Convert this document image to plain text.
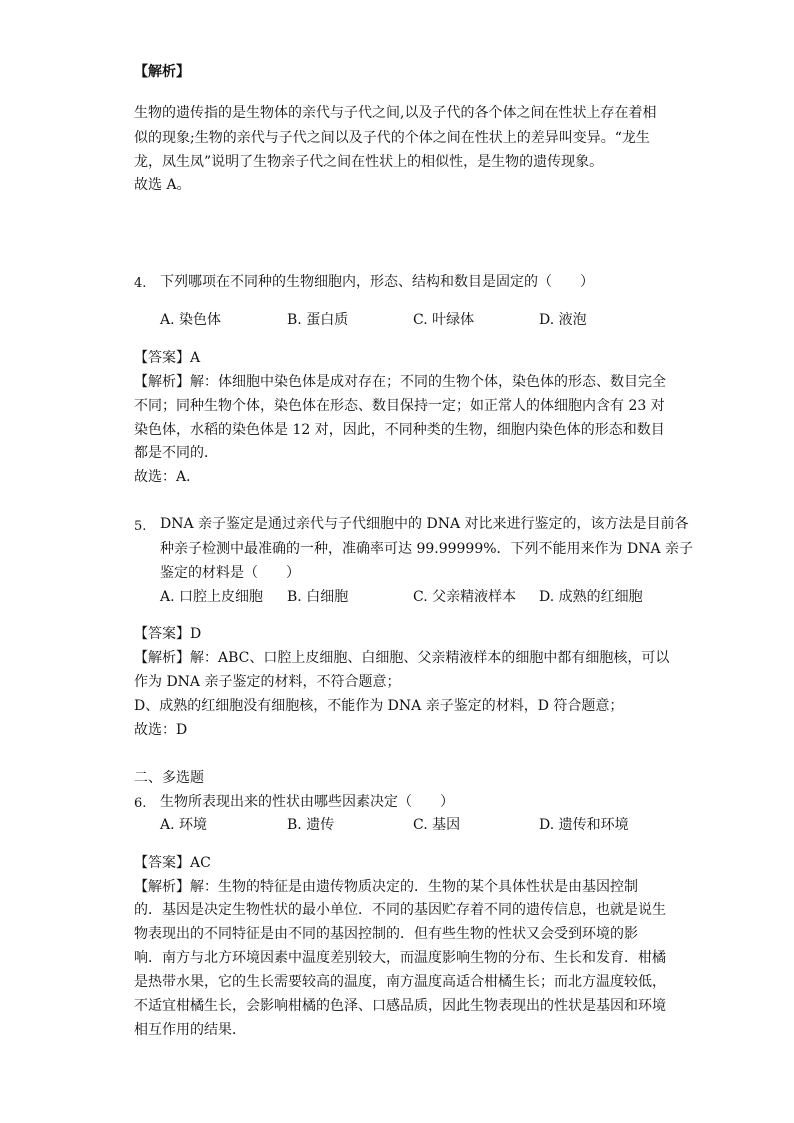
【解析】
生物的遗传指的是生物体的亲代与子代之间,以及子代的各个体之间在性状上存在着相
似的现象;生物的亲代与子代之间以及子代的个体之间在性状上的差异叫变异。“龙生
龙，凤生凤”说明了生物亲子代之间在性状上的相似性，是生物的遗传现象。
故选 A。
4. 下列哪项在不同种的生物细胞内，形态、结构和数目是固定的（　　）
A. 染色体	B. 蛋白质	C. 叶绿体	D. 液泡
【答案】A
【解析】解：体细胞中染色体是成对存在；不同的生物个体，染色体的形态、数目完全
不同；同种生物个体，染色体在形态、数目保持一定；如正常人的体细胞内含有 23 对
染色体，水稻的染色体是 12 对，因此，不同种类的生物，细胞内染色体的形态和数目
都是不同的．
故选：A．
5. DNA 亲子鉴定是通过亲代与子代细胞中的 DNA 对比来进行鉴定的，该方法是目前各
种亲子检测中最准确的一种，准确率可达 99.99999%．下列不能用来作为 DNA 亲子
鉴定的材料是（　　）
A. 口腔上皮细胞 B. 白细胞	C. 父亲精液样本 D. 成熟的红细胞
【答案】D
【解析】解：ABC、口腔上皮细胞、白细胞、父亲精液样本的细胞中都有细胞核，可以
作为 DNA 亲子鉴定的材料，不符合题意；
D、成熟的红细胞没有细胞核，不能作为 DNA 亲子鉴定的材料，D 符合题意；
故选：D
二、多选题
6. 生物所表现出来的性状由哪些因素决定（　　）
A. 环境	B. 遗传	C. 基因	D. 遗传和环境
【答案】AC
【解析】解：生物的特征是由遗传物质决定的．生物的某个具体性状是由基因控制
的．基因是决定生物性状的最小单位．不同的基因贮存着不同的遗传信息，也就是说生
物表现出的不同特征是由不同的基因控制的．但有些生物的性状又会受到环境的影
响．南方与北方环境因素中温度差别较大，而温度影响生物的分布、生长和发育．柑橘
是热带水果，它的生长需要较高的温度，南方温度高适合柑橘生长；而北方温度较低，
不适宜柑橘生长，会影响柑橘的色泽、口感品质，因此生物表现出的性状是基因和环境
相互作用的结果．
